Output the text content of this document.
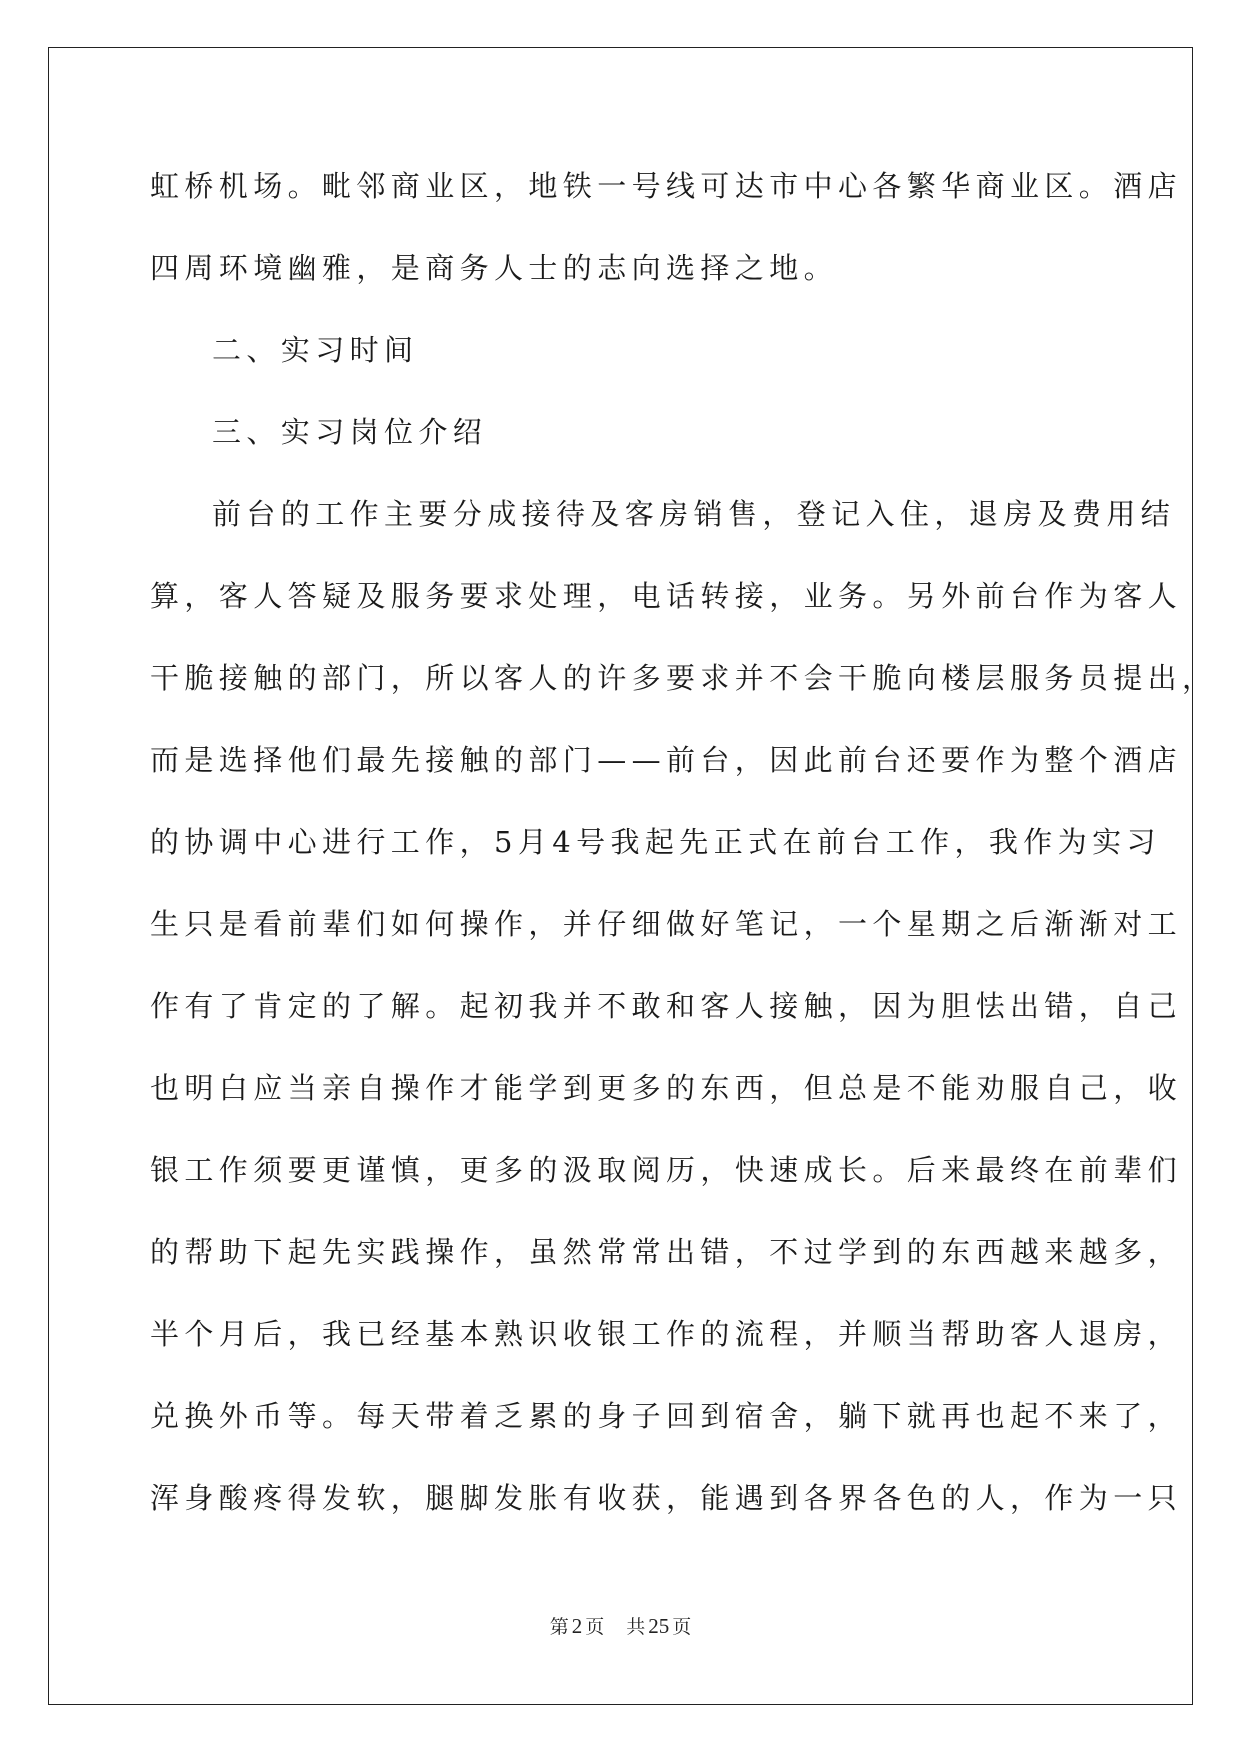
虹桥机场。毗邻商业区，地铁一号线可达市中心各繁华商业区。酒店
四周环境幽雅，是商务人士的志向选择之地。
二、实习时间
三、实习岗位介绍
前台的工作主要分成接待及客房销售，登记入住，退房及费用结
算，客人答疑及服务要求处理，电话转接，业务。另外前台作为客人
干脆接触的部门，所以客人的许多要求并不会干脆向楼层服务员提出，
而是选择他们最先接触的部门——前台，因此前台还要作为整个酒店
的协调中心进行工作，5月4号我起先正式在前台工作，我作为实习
生只是看前辈们如何操作，并仔细做好笔记，一个星期之后渐渐对工
作有了肯定的了解。起初我并不敢和客人接触，因为胆怯出错，自己
也明白应当亲自操作才能学到更多的东西，但总是不能劝服自己，收
银工作须要更谨慎，更多的汲取阅历，快速成长。后来最终在前辈们
的帮助下起先实践操作，虽然常常出错，不过学到的东西越来越多，
半个月后，我已经基本熟识收银工作的流程，并顺当帮助客人退房，
兑换外币等。每天带着乏累的身子回到宿舍，躺下就再也起不来了，
浑身酸疼得发软，腿脚发胀有收获，能遇到各界各色的人，作为一只
第 2 页 共 25 页
